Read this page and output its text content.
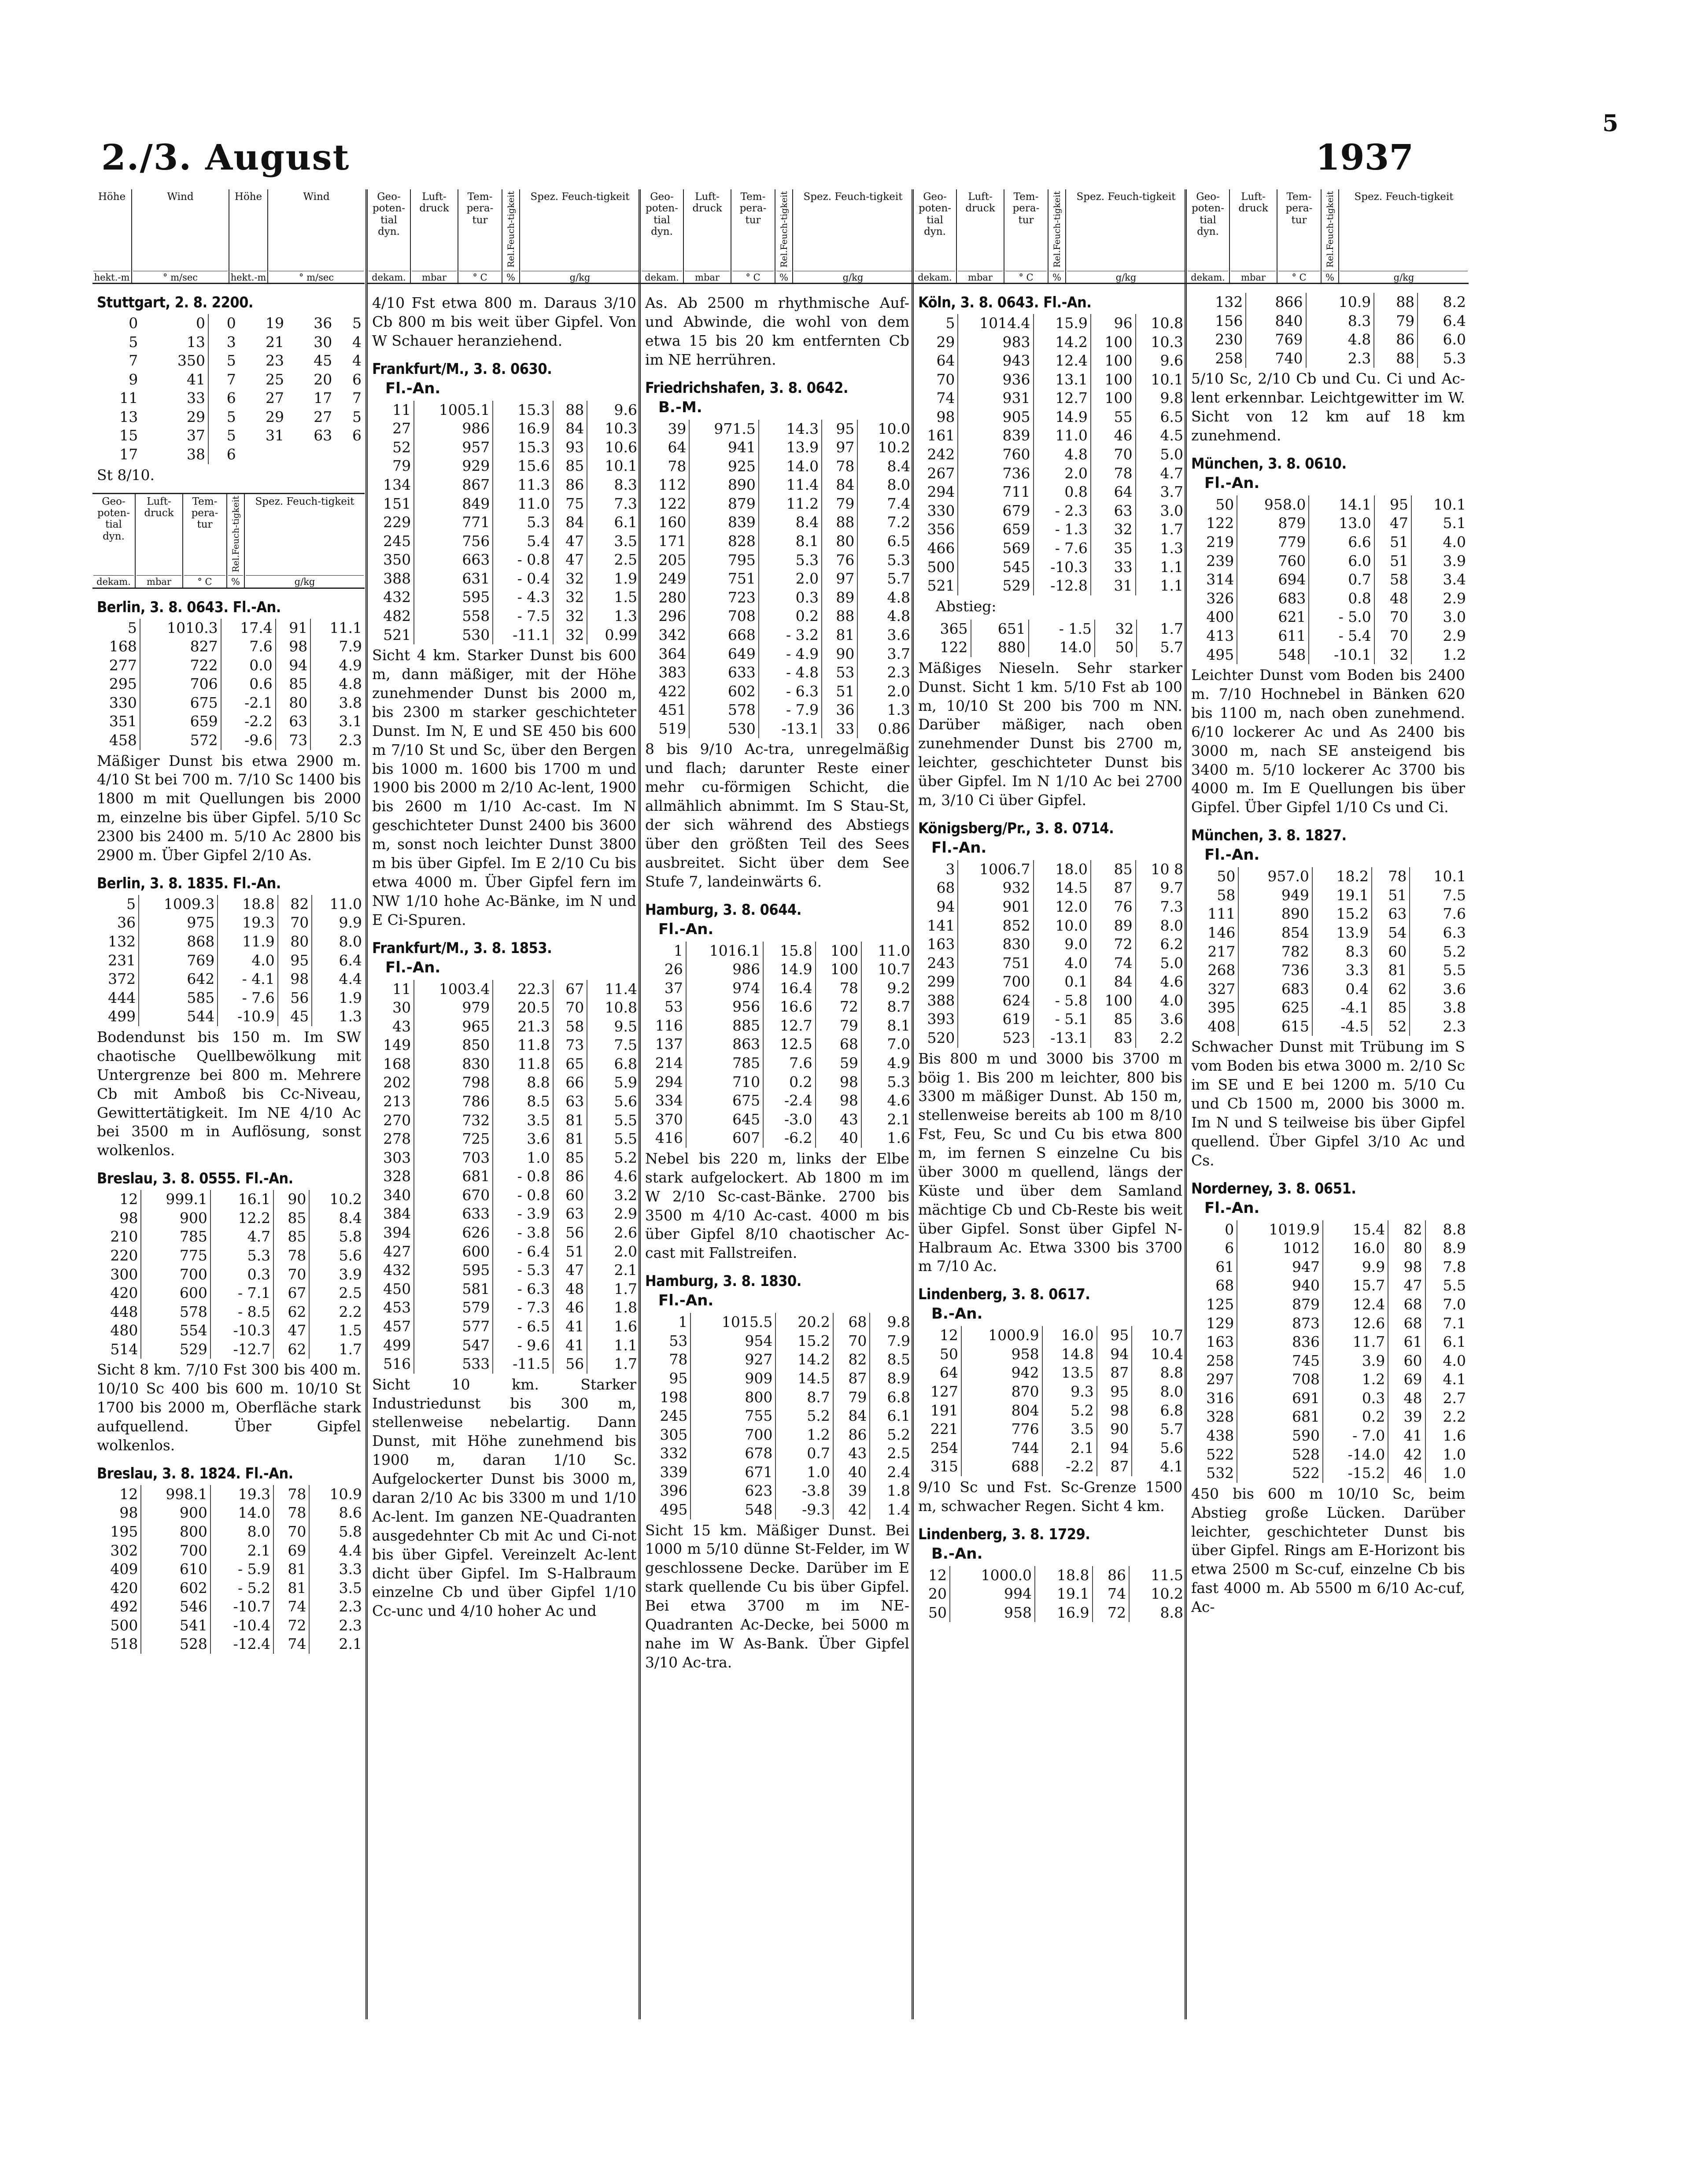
5
2./3. August	1937
Höhe
hekt.-m
Wind
° m/sec
Höhe
hekt.-m
Wind
° m/sec
Stuttgart, 2. 8. 2200.
0	0	0	19	36	5
5	13	3	21	30	4
7	350	5	23	45	4
9	41	7	25	20	6
11	33	6	27	17	7
13	29	5	29	27	5
15	37	5	31	63	6
17	38	6			
St 8/10.
Geo-poten-tial dyn.
dekam.
Luft-druck
mbar
Tem-pera-tur
° C
Rel.Feuch-tigkeit
%
Spez. Feuch-tigkeit
g/kg
Berlin, 3. 8. 0643. Fl.-An.
5	1010.3	17.4	91	11.1
168	827	7.6	98	7.9
277	722	0.0	94	4.9
295	706	0.6	85	4.8
330	675	-2.1	80	3.8
351	659	-2.2	63	3.1
458	572	-9.6	73	2.3
Mäßiger Dunst bis etwa 2900 m. 4/10 St bei 700 m. 7/10 Sc 1400 bis 1800 m mit Quellungen bis 2000 m, einzelne bis über Gipfel. 5/10 Sc 2300 bis 2400 m. 5/10 Ac 2800 bis 2900 m. Über Gipfel 2/10 As.
Berlin, 3. 8. 1835. Fl.-An.
5	1009.3	18.8	82	11.0
36	975	19.3	70	9.9
132	868	11.9	80	8.0
231	769	4.0	95	6.4
372	642	- 4.1	98	4.4
444	585	- 7.6	56	1.9
499	544	-10.9	45	1.3
Bodendunst bis 150 m. Im SW chaotische Quellbewölkung mit Untergrenze bei 800 m. Mehrere Cb mit Amboß bis Cc-Niveau, Gewittertätigkeit. Im NE 4/10 Ac bei 3500 m in Auflösung, sonst wolkenlos.
Breslau, 3. 8. 0555. Fl.-An.
12	999.1	16.1	90	10.2
98	900	12.2	85	8.4
210	785	4.7	85	5.8
220	775	5.3	78	5.6
300	700	0.3	70	3.9
420	600	- 7.1	67	2.5
448	578	- 8.5	62	2.2
480	554	-10.3	47	1.5
514	529	-12.7	62	1.7
Sicht 8 km. 7/10 Fst 300 bis 400 m. 10/10 Sc 400 bis 600 m. 10/10 St 1700 bis 2000 m, Oberfläche stark aufquellend. Über Gipfel wolkenlos.
Breslau, 3. 8. 1824. Fl.-An.
12	998.1	19.3	78	10.9
98	900	14.0	78	8.6
195	800	8.0	70	5.8
302	700	2.1	69	4.4
409	610	- 5.9	81	3.3
420	602	- 5.2	81	3.5
492	546	-10.7	74	2.3
500	541	-10.4	72	2.3
518	528	-12.4	74	2.1
Geo-poten-tial dyn.
dekam.
Luft-druck
mbar
Tem-pera-tur
° C
Rel.Feuch-tigkeit
%
Spez. Feuch-tigkeit
g/kg
4/10 Fst etwa 800 m. Daraus 3/10 Cb 800 m bis weit über Gipfel. Von W Schauer heranziehend.
Frankfurt/M., 3. 8. 0630.
Fl.-An.
11	1005.1	15.3	88	9.6
27	986	16.9	84	10.3
52	957	15.3	93	10.6
79	929	15.6	85	10.1
134	867	11.3	86	8.3
151	849	11.0	75	7.3
229	771	5.3	84	6.1
245	756	5.4	47	3.5
350	663	- 0.8	47	2.5
388	631	- 0.4	32	1.9
432	595	- 4.3	32	1.5
482	558	- 7.5	32	1.3
521	530	-11.1	32	0.99
Sicht 4 km. Starker Dunst bis 600 m, dann mäßiger, mit der Höhe zunehmender Dunst bis 2000 m, bis 2300 m starker geschichteter Dunst. Im N, E und SE 450 bis 600 m 7/10 St und Sc, über den Bergen bis 1000 m. 1600 bis 1700 m und 1900 bis 2000 m 2/10 Ac-lent, 1900 bis 2600 m 1/10 Ac-cast. Im N geschichteter Dunst 2400 bis 3600 m, sonst noch leichter Dunst 3800 m bis über Gipfel. Im E 2/10 Cu bis etwa 4000 m. Über Gipfel fern im NW 1/10 hohe Ac-Bänke, im N und E Ci-Spuren.
Frankfurt/M., 3. 8. 1853.
Fl.-An.
11	1003.4	22.3	67	11.4
30	979	20.5	70	10.8
43	965	21.3	58	9.5
149	850	11.8	73	7.5
168	830	11.8	65	6.8
202	798	8.8	66	5.9
213	786	8.5	63	5.6
270	732	3.5	81	5.5
278	725	3.6	81	5.5
303	703	1.0	85	5.2
328	681	- 0.8	86	4.6
340	670	- 0.8	60	3.2
384	633	- 3.9	63	2.9
394	626	- 3.8	56	2.6
427	600	- 6.4	51	2.0
432	595	- 5.3	47	2.1
450	581	- 6.3	48	1.7
453	579	- 7.3	46	1.8
457	577	- 6.5	41	1.6
499	547	- 9.6	41	1.1
516	533	-11.5	56	1.7
Sicht 10 km. Starker Industriedunst bis 300 m, stellenweise nebelartig. Dann Dunst, mit Höhe zunehmend bis 1900 m, daran 1/10 Sc. Aufgelockerter Dunst bis 3000 m, daran 2/10 Ac bis 3300 m und 1/10 Ac-lent. Im ganzen NE-Quadranten ausgedehnter Cb mit Ac und Ci-not bis über Gipfel. Vereinzelt Ac-lent dicht über Gipfel. Im S-Halbraum einzelne Cb und über Gipfel 1/10 Cc-unc und 4/10 hoher Ac und
Geo-poten-tial dyn.
dekam.
Luft-druck
mbar
Tem-pera-tur
° C
Rel.Feuch-tigkeit
%
Spez. Feuch-tigkeit
g/kg
As. Ab 2500 m rhythmische Auf- und Abwinde, die wohl von dem etwa 15 bis 20 km entfernten Cb im NE herrühren.
Friedrichshafen, 3. 8. 0642.
B.-M.
39	971.5	14.3	95	10.0
64	941	13.9	97	10.2
78	925	14.0	78	8.4
112	890	11.4	84	8.0
122	879	11.2	79	7.4
160	839	8.4	88	7.2
171	828	8.1	80	6.5
205	795	5.3	76	5.3
249	751	2.0	97	5.7
280	723	0.3	89	4.8
296	708	0.2	88	4.8
342	668	- 3.2	81	3.6
364	649	- 4.9	90	3.7
383	633	- 4.8	53	2.3
422	602	- 6.3	51	2.0
451	578	- 7.9	36	1.3
519	530	-13.1	33	0.86
8 bis 9/10 Ac-tra, unregelmäßig und flach; darunter Reste einer mehr cu-förmigen Schicht, die allmählich abnimmt. Im S Stau-St, der sich während des Abstiegs über den größten Teil des Sees ausbreitet. Sicht über dem See Stufe 7, landeinwärts 6.
Hamburg, 3. 8. 0644.
Fl.-An.
1	1016.1	15.8	100	11.0
26	986	14.9	100	10.7
37	974	16.4	78	9.2
53	956	16.6	72	8.7
116	885	12.7	79	8.1
137	863	12.5	68	7.0
214	785	7.6	59	4.9
294	710	0.2	98	5.3
334	675	-2.4	98	4.6
370	645	-3.0	43	2.1
416	607	-6.2	40	1.6
Nebel bis 220 m, links der Elbe stark aufgelockert. Ab 1800 m im W 2/10 Sc-cast-Bänke. 2700 bis 3500 m 4/10 Ac-cast. 4000 m bis über Gipfel 8/10 chaotischer Ac-cast mit Fallstreifen.
Hamburg, 3. 8. 1830.
Fl.-An.
1	1015.5	20.2	68	9.8
53	954	15.2	70	7.9
78	927	14.2	82	8.5
95	909	14.5	87	8.9
198	800	8.7	79	6.8
245	755	5.2	84	6.1
305	700	1.2	86	5.2
332	678	0.7	43	2.5
339	671	1.0	40	2.4
396	623	-3.8	39	1.8
495	548	-9.3	42	1.4
Sicht 15 km. Mäßiger Dunst. Bei 1000 m 5/10 dünne St-Felder, im W geschlossene Decke. Darüber im E stark quellende Cu bis über Gipfel. Bei etwa 3700 m im NE-Quadranten Ac-Decke, bei 5000 m nahe im W As-Bank. Über Gipfel 3/10 Ac-tra.
Geo-poten-tial dyn.
dekam.
Luft-druck
mbar
Tem-pera-tur
° C
Rel.Feuch-tigkeit
%
Spez. Feuch-tigkeit
g/kg
Köln, 3. 8. 0643. Fl.-An.
5	1014.4	15.9	96	10.8
29	983	14.2	100	10.3
64	943	12.4	100	9.6
70	936	13.1	100	10.1
74	931	12.7	100	9.8
98	905	14.9	55	6.5
161	839	11.0	46	4.5
242	760	4.8	70	5.0
267	736	2.0	78	4.7
294	711	0.8	64	3.7
330	679	- 2.3	63	3.0
356	659	- 1.3	32	1.7
466	569	- 7.6	35	1.3
500	545	-10.3	33	1.1
521	529	-12.8	31	1.1
Abstieg:
365	651	- 1.5	32	1.7
122	880	14.0	50	5.7
Mäßiges Nieseln. Sehr starker Dunst. Sicht 1 km. 5/10 Fst ab 100 m, 10/10 St 200 bis 700 m NN. Darüber mäßiger, nach oben zunehmender Dunst bis 2700 m, leichter, geschichteter Dunst bis über Gipfel. Im N 1/10 Ac bei 2700 m, 3/10 Ci über Gipfel.
Königsberg/Pr., 3. 8. 0714.
Fl.-An.
3	1006.7	18.0	85	10 8
68	932	14.5	87	9.7
94	901	12.0	76	7.3
141	852	10.0	89	8.0
163	830	9.0	72	6.2
243	751	4.0	74	5.0
299	700	0.1	84	4.6
388	624	- 5.8	100	4.0
393	619	- 5.1	85	3.6
520	523	-13.1	83	2.2
Bis 800 m und 3000 bis 3700 m böig 1. Bis 200 m leichter, 800 bis 3300 m mäßiger Dunst. Ab 150 m, stellenweise bereits ab 100 m 8/10 Fst, Feu, Sc und Cu bis etwa 800 m, im fernen S einzelne Cu bis über 3000 m quellend, längs der Küste und über dem Samland mächtige Cb und Cb-Reste bis weit über Gipfel. Sonst über Gipfel N-Halbraum Ac. Etwa 3300 bis 3700 m 7/10 Ac.
Lindenberg, 3. 8. 0617.
B.-An.
12	1000.9	16.0	95	10.7
50	958	14.8	94	10.4
64	942	13.5	87	8.8
127	870	9.3	95	8.0
191	804	5.2	98	6.8
221	776	3.5	90	5.7
254	744	2.1	94	5.6
315	688	-2.2	87	4.1
9/10 Sc und Fst. Sc-Grenze 1500 m, schwacher Regen. Sicht 4 km.
Lindenberg, 3. 8. 1729.
B.-An.
12	1000.0	18.8	86	11.5
20	994	19.1	74	10.2
50	958	16.9	72	8.8
Geo-poten-tial dyn.
dekam.
Luft-druck
mbar
Tem-pera-tur
° C
Rel.Feuch-tigkeit
%
Spez. Feuch-tigkeit
g/kg
132	866	10.9	88	8.2
156	840	8.3	79	6.4
230	769	4.8	86	6.0
258	740	2.3	88	5.3
5/10 Sc, 2/10 Cb und Cu. Ci und Ac-lent erkennbar. Leichtgewitter im W. Sicht von 12 km auf 18 km zunehmend.
München, 3. 8. 0610.
Fl.-An.
50	958.0	14.1	95	10.1
122	879	13.0	47	5.1
219	779	6.6	51	4.0
239	760	6.0	51	3.9
314	694	0.7	58	3.4
326	683	0.8	48	2.9
400	621	- 5.0	70	3.0
413	611	- 5.4	70	2.9
495	548	-10.1	32	1.2
Leichter Dunst vom Boden bis 2400 m. 7/10 Hochnebel in Bänken 620 bis 1100 m, nach oben zunehmend. 6/10 lockerer Ac und As 2400 bis 3000 m, nach SE ansteigend bis 3400 m. 5/10 lockerer Ac 3700 bis 4000 m. Im E Quellungen bis über Gipfel. Über Gipfel 1/10 Cs und Ci.
München, 3. 8. 1827.
Fl.-An.
50	957.0	18.2	78	10.1
58	949	19.1	51	7.5
111	890	15.2	63	7.6
146	854	13.9	54	6.3
217	782	8.3	60	5.2
268	736	3.3	81	5.5
327	683	0.4	62	3.6
395	625	-4.1	85	3.8
408	615	-4.5	52	2.3
Schwacher Dunst mit Trübung im S vom Boden bis etwa 3000 m. 2/10 Sc im SE und E bei 1200 m. 5/10 Cu und Cb 1500 m, 2000 bis 3000 m. Im N und S teilweise bis über Gipfel quellend. Über Gipfel 3/10 Ac und Cs.
Norderney, 3. 8. 0651.
Fl.-An.
0	1019.9	15.4	82	8.8
6	1012	16.0	80	8.9
61	947	9.9	98	7.8
68	940	15.7	47	5.5
125	879	12.4	68	7.0
129	873	12.6	68	7.1
163	836	11.7	61	6.1
258	745	3.9	60	4.0
297	708	1.2	69	4.1
316	691	0.3	48	2.7
328	681	0.2	39	2.2
438	590	- 7.0	41	1.6
522	528	-14.0	42	1.0
532	522	-15.2	46	1.0
450 bis 600 m 10/10 Sc, beim Abstieg große Lücken. Darüber leichter, geschichteter Dunst bis über Gipfel. Rings am E-Horizont bis etwa 2500 m Sc-cuf, einzelne Cb bis fast 4000 m. Ab 5500 m 6/10 Ac-cuf, Ac-
